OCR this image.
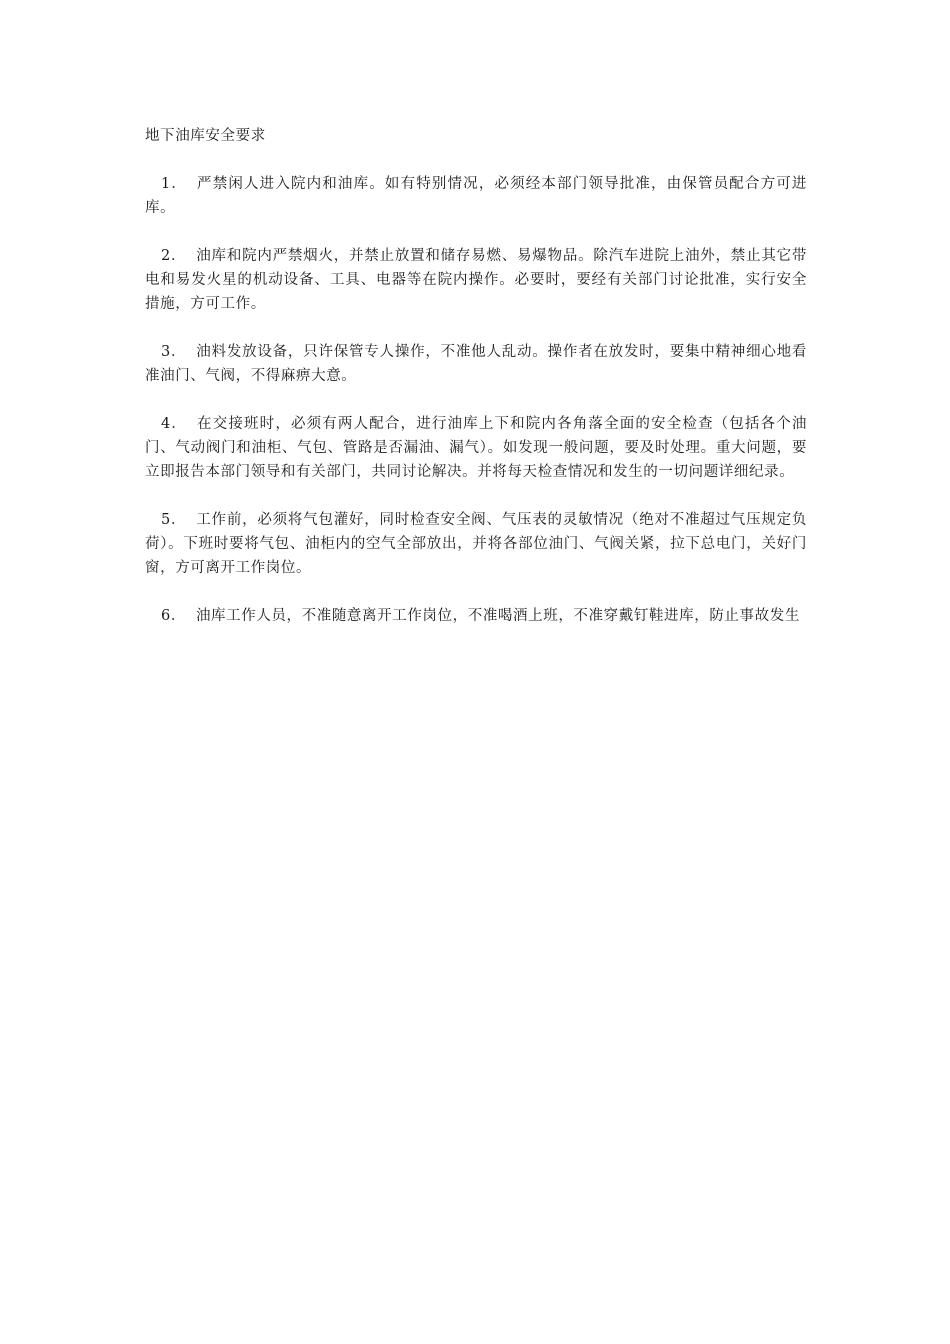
地下油库安全要求

1． 严禁闲人进入院内和油库。如有特别情况，必须经本部门领导批准，由保管员配合方可进库。

2． 油库和院内严禁烟火，并禁止放置和储存易燃、易爆物品。除汽车进院上油外，禁止其它带电和易发火星的机动设备、工具、电器等在院内操作。必要时，要经有关部门讨论批准，实行安全措施，方可工作。

3． 油料发放设备，只许保管专人操作，不准他人乱动。操作者在放发时，要集中精神细心地看准油门、气阀，不得麻痹大意。

4． 在交接班时，必须有两人配合，进行油库上下和院内各角落全面的安全检查（包括各个油门、气动阀门和油柜、气包、管路是否漏油、漏气）。如发现一般问题，要及时处理。重大问题，要立即报告本部门领导和有关部门，共同讨论解决。并将每天检查情况和发生的一切问题详细纪录。

5． 工作前，必须将气包灌好，同时检查安全阀、气压表的灵敏情况（绝对不准超过气压规定负荷）。下班时要将气包、油柜内的空气全部放出，并将各部位油门、气阀关紧，拉下总电门，关好门窗，方可离开工作岗位。

6． 油库工作人员，不准随意离开工作岗位，不准喝酒上班，不准穿戴钉鞋进库，防止事故发生
